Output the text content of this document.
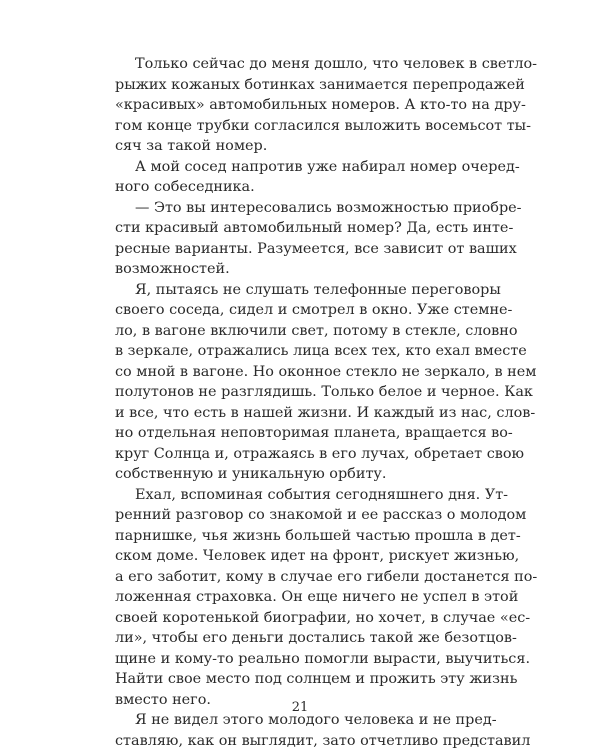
Только сейчас до меня дошло, что человек в светло-
рыжих кожаных ботинках занимается перепродажей
«красивых» автомобильных номеров. А кто-то на дру-
гом конце трубки согласился выложить восемьсот ты-
сяч за такой номер.
А мой сосед напротив уже набирал номер очеред-
ного собеседника.
— Это вы интересовались возможностью приобре-
сти красивый автомобильный номер? Да, есть инте-
ресные варианты. Разумеется, все зависит от ваших
возможностей.
Я, пытаясь не слушать телефонные переговоры
своего соседа, сидел и смотрел в окно. Уже стемне-
ло, в вагоне включили свет, потому в стекле, словно
в зеркале, отражались лица всех тех, кто ехал вместе
со мной в вагоне. Но оконное стекло не зеркало, в нем
полутонов не разглядишь. Только белое и черное. Как
и все, что есть в нашей жизни. И каждый из нас, слов-
но отдельная неповторимая планета, вращается во-
круг Солнца и, отражаясь в его лучах, обретает свою
собственную и уникальную орбиту.
Ехал, вспоминая события сегодняшнего дня. Ут-
ренний разговор со знакомой и ее рассказ о молодом
парнишке, чья жизнь большей частью прошла в дет-
ском доме. Человек идет на фронт, рискует жизнью,
а его заботит, кому в случае его гибели достанется по-
ложенная страховка. Он еще ничего не успел в этой
своей коротенькой биографии, но хочет, в случае «ес-
ли», чтобы его деньги достались такой же безотцов-
щине и кому-то реально помогли вырасти, выучиться.
Найти свое место под солнцем и прожить эту жизнь
вместо него.
Я не видел этого молодого человека и не пред-
ставляю, как он выглядит, зато отчетливо представил
21
